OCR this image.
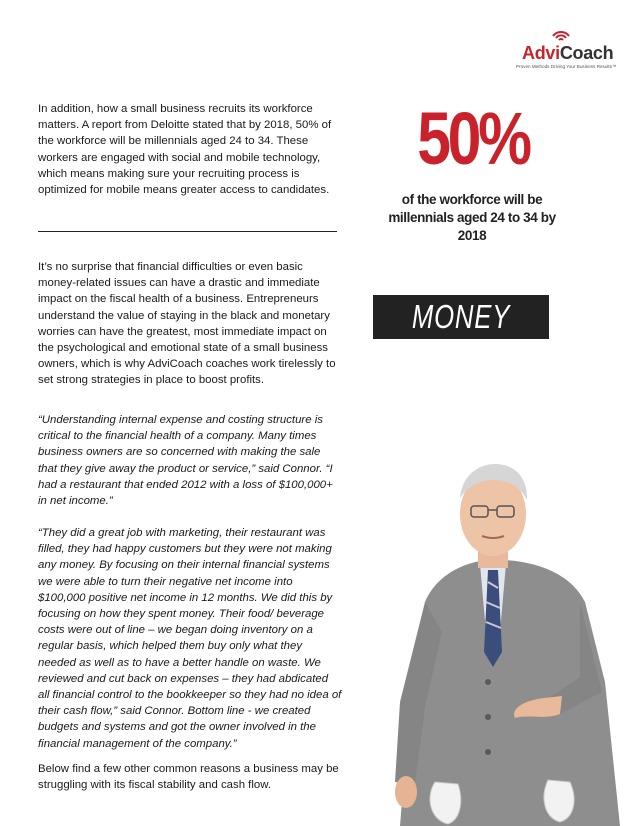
AdviCoach
Proven Methods Driving Your Business Results™
In addition, how a small business recruits its workforce matters. A report from Deloitte stated that by 2018, 50% of the workforce will be millennials aged 24 to 34. These workers are engaged with social and mobile technology, which means making sure your recruiting process is optimized for mobile means greater access to candidates.
50%
of the workforce will be millennials aged 24 to 34 by 2018
MONEY
It’s no surprise that financial difficulties or even basic money-related issues can have a drastic and immediate impact on the fiscal health of a business. Entrepreneurs understand the value of staying in the black and monetary worries can have the greatest, most immediate impact on the psychological and emotional state of a small business owners, which is why AdviCoach coaches work tirelessly to set strong strategies in place to boost profits.
“Understanding internal expense and costing structure is critical to the financial health of a company. Many times business owners are so concerned with making the sale that they give away the product or service,” said Connor. “I had a restaurant that ended 2012 with a loss of $100,000+ in net income.”
“They did a great job with marketing, their restaurant was filled, they had happy customers but they were not making any money. By focusing on their internal financial systems we were able to turn their negative net income into $100,000 positive net income in 12 months. We did this by focusing on how they spent money. Their food/ beverage costs were out of line – we began doing inventory on a regular basis, which helped them buy only what they needed as well as to have a better handle on waste. We reviewed and cut back on expenses – they had abdicated all financial control to the bookkeeper so they had no idea of their cash flow,” said Connor. Bottom line - we created budgets and systems and got the owner involved in the financial management of the company.”
Below find a few other common reasons a business may be struggling with its fiscal stability and cash flow.
